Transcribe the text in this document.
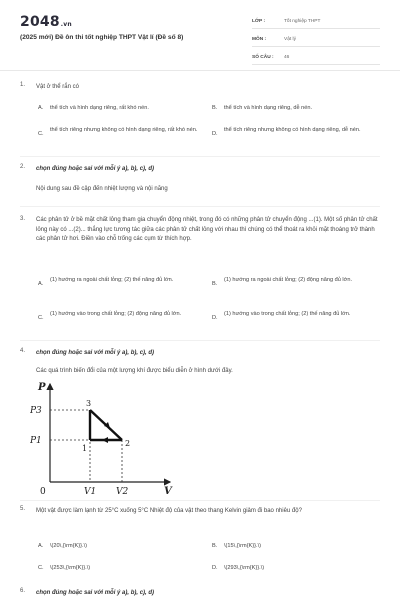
2048.vn
(2025 mới) Đề ôn thi tốt nghiệp THPT Vật lí (Đề số 8)
LỚP :	Tốt nghiệp THPT
MÔN :	Vật lý
SỐ CÂU :	46
1.	Vật ở thể rắn có
A. thể tích và hình dạng riêng, rất khó nén.	B. thể tích và hình dạng riêng, dễ nén.
C.
thể tích riêng nhưng không có hình dạng riêng, rất khó nén.
D.
thể tích riêng nhưng không có hình dạng riêng, dễ nén.
2.	chọn đúng hoặc sai với mỗi ý a), b), c), d)
Nội dung sau đề cập đến nhiệt lượng và nội năng
3.	Các phân tử ở bề mặt chất lỏng tham gia chuyển động nhiệt, trong đó có những phân tử chuyển động ...(1). Một số phân tử chất lỏng này có ...(2)... thắng lực tương tác giữa các phân tử chất lỏng với nhau thì chúng có thể thoát ra khỏi mặt thoáng trở thành các phân tử hơi. Điền vào chỗ trống các cụm từ thích hợp.
A.
(1) hướng ra ngoài chất lỏng; (2) thế năng đủ lớn.
B.
(1) hướng ra ngoài chất lỏng; (2) động năng đủ lớn.
C.
(1) hướng vào trong chất lỏng; (2) động năng đủ lớn.
D.
(1) hướng vào trong chất lỏng; (2) thế năng đủ lớn.
4.	chọn đúng hoặc sai với mỗi ý a), b), c), d)
Các quá trình biến đổi của một lượng khí được biểu diễn ở hình dưới đây.
P
V
0
P3
P1
V1 V2
1
2
3
5.	Một vật được làm lạnh từ 25°C xuống 5°C Nhiệt độ của vật theo thang Kelvin giảm đi bao nhiêu độ?
A. \(20\,{\rm{K}}.\)	B. \(15\,{\rm{K}}.\)
C. \(253\,{\rm{K}}.\)	D. \(293\,{\rm{K}}.\)
6.	chọn đúng hoặc sai với mỗi ý a), b), c), d)
